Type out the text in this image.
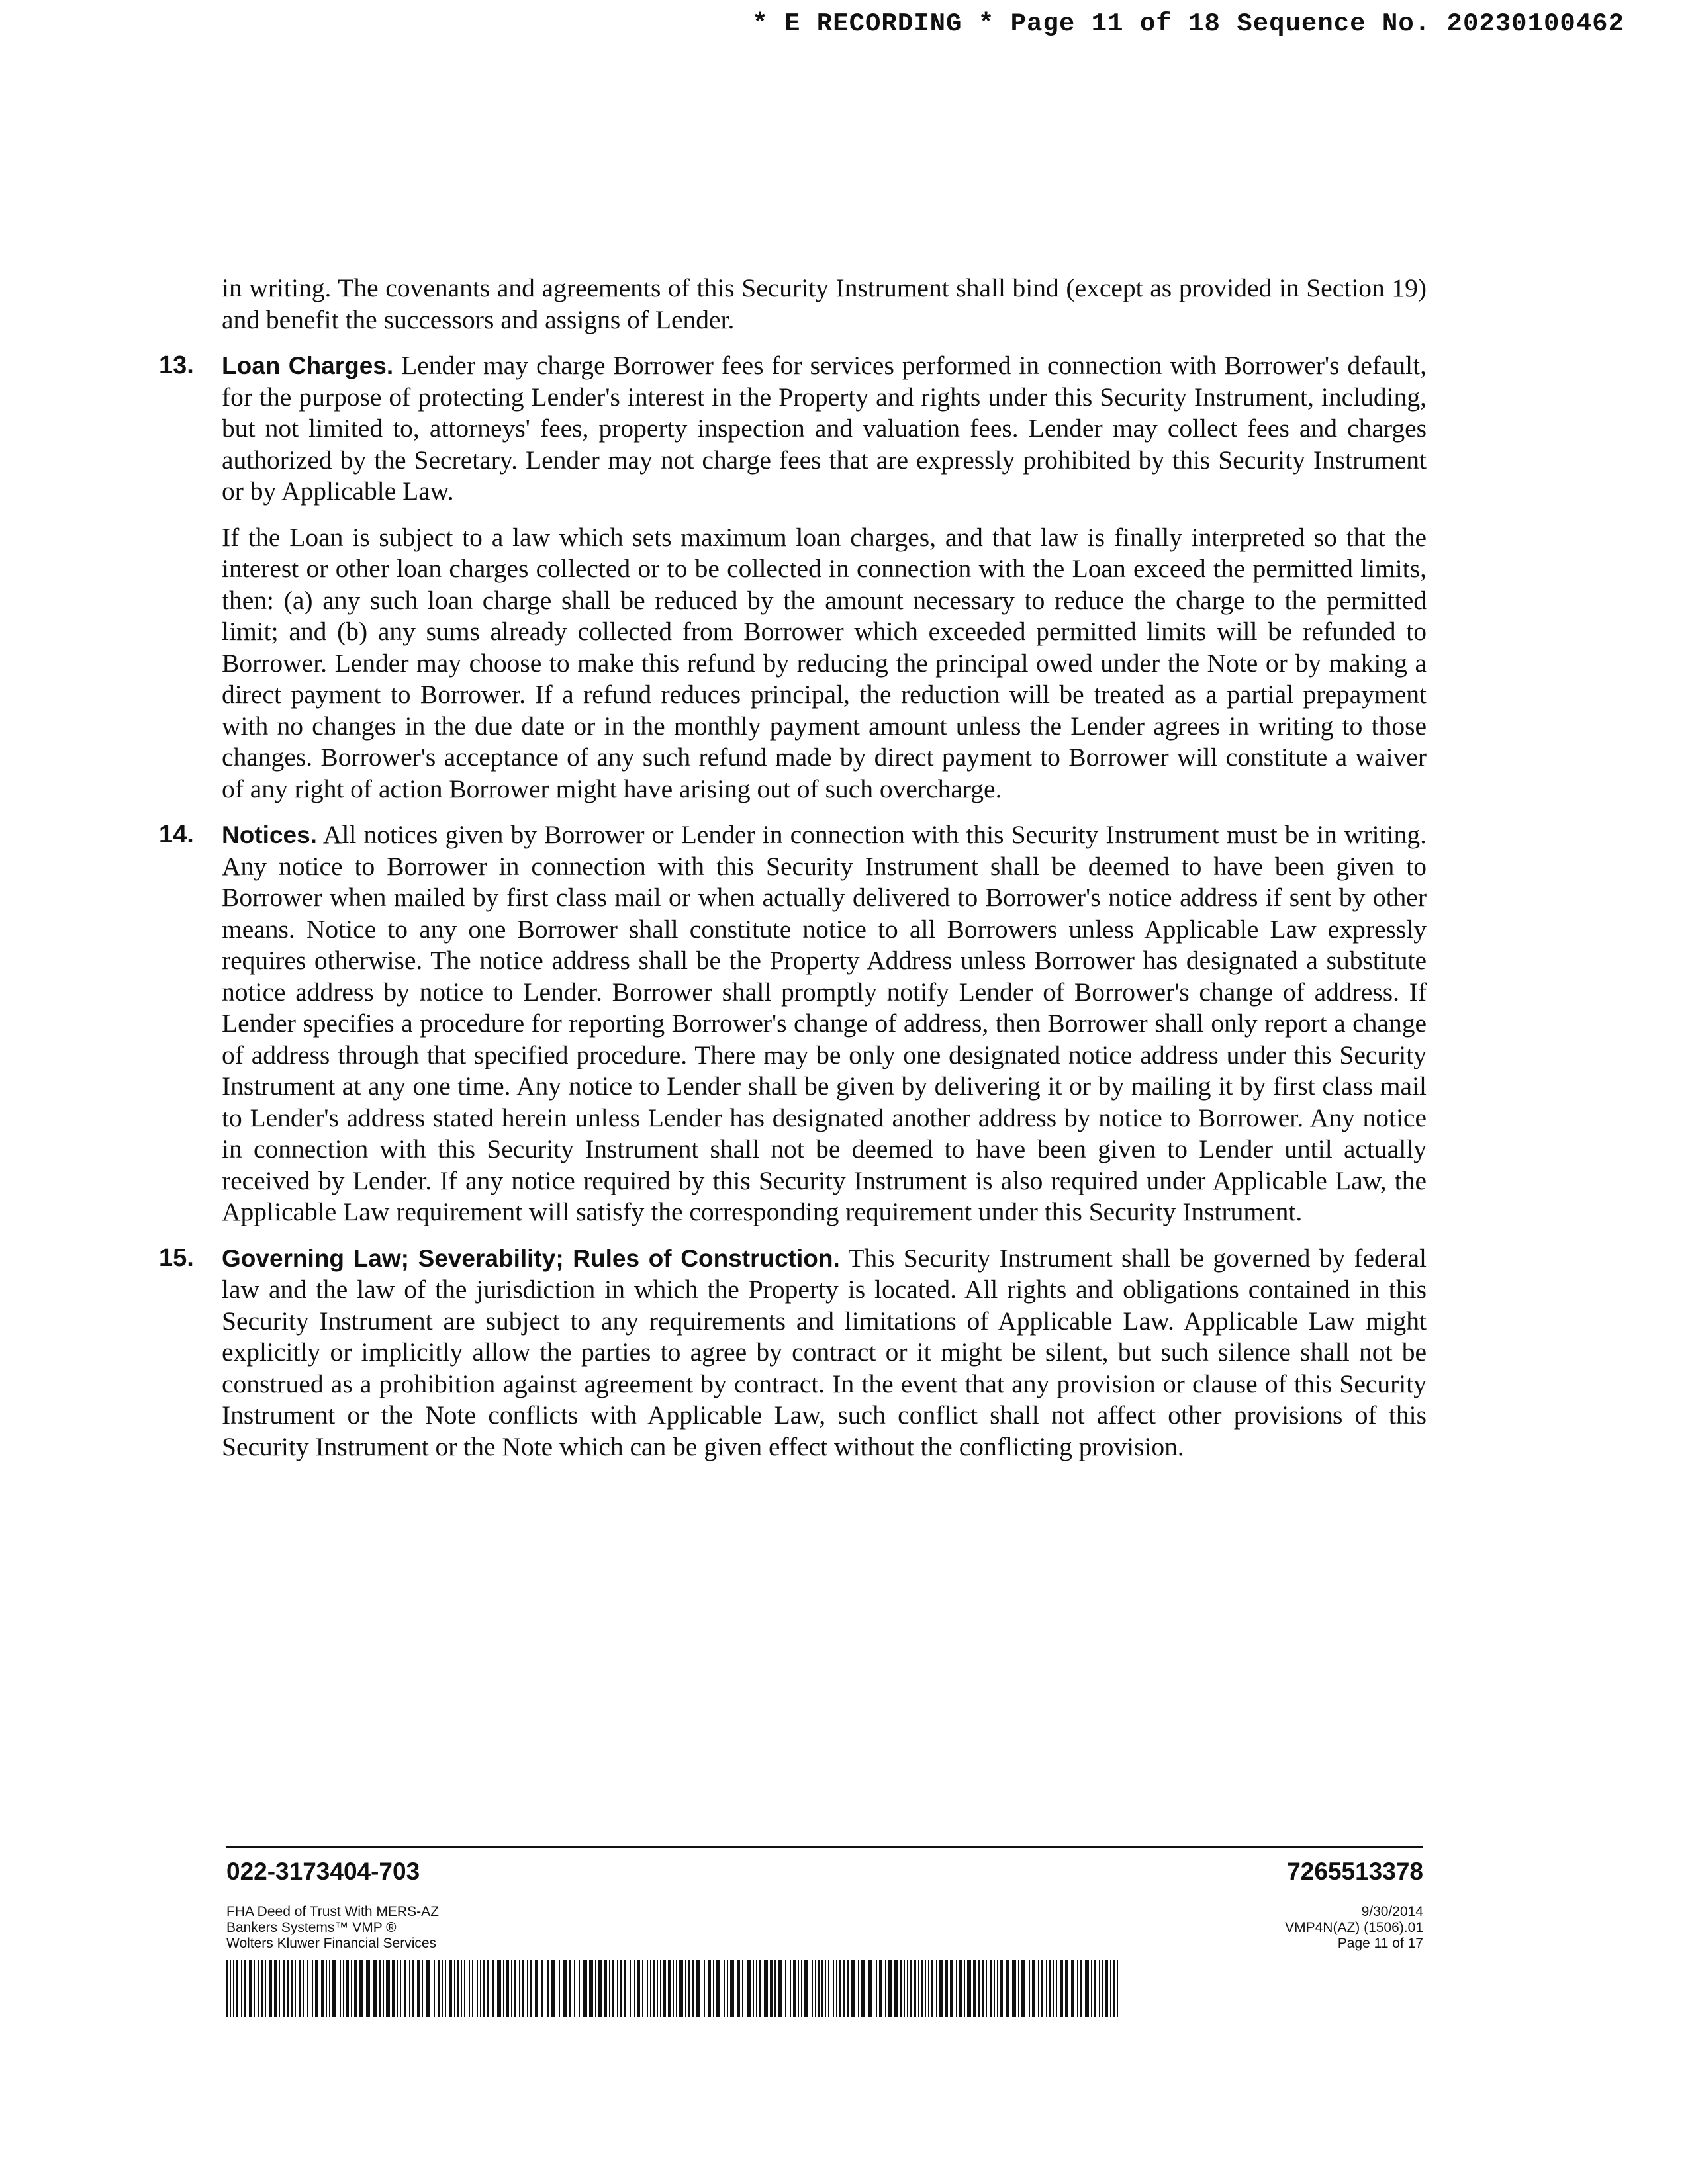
* E RECORDING * Page 11 of 18 Sequence No. 20230100462

in writing. The covenants and agreements of this Security Instrument shall bind (except as provided in Section 19) and benefit the successors and assigns of Lender.

13. Loan Charges. Lender may charge Borrower fees for services performed in connection with Borrower's default, for the purpose of protecting Lender's interest in the Property and rights under this Security Instrument, including, but not limited to, attorneys' fees, property inspection and valuation fees. Lender may collect fees and charges authorized by the Secretary. Lender may not charge fees that are expressly prohibited by this Security Instrument or by Applicable Law.

If the Loan is subject to a law which sets maximum loan charges, and that law is finally interpreted so that the interest or other loan charges collected or to be collected in connection with the Loan exceed the permitted limits, then: (a) any such loan charge shall be reduced by the amount necessary to reduce the charge to the permitted limit; and (b) any sums already collected from Borrower which exceeded permitted limits will be refunded to Borrower. Lender may choose to make this refund by reducing the principal owed under the Note or by making a direct payment to Borrower. If a refund reduces principal, the reduction will be treated as a partial prepayment with no changes in the due date or in the monthly payment amount unless the Lender agrees in writing to those changes. Borrower's acceptance of any such refund made by direct payment to Borrower will constitute a waiver of any right of action Borrower might have arising out of such overcharge.

14. Notices. All notices given by Borrower or Lender in connection with this Security Instrument must be in writing. Any notice to Borrower in connection with this Security Instrument shall be deemed to have been given to Borrower when mailed by first class mail or when actually delivered to Borrower's notice address if sent by other means. Notice to any one Borrower shall constitute notice to all Borrowers unless Applicable Law expressly requires otherwise. The notice address shall be the Property Address unless Borrower has designated a substitute notice address by notice to Lender. Borrower shall promptly notify Lender of Borrower's change of address. If Lender specifies a procedure for reporting Borrower's change of address, then Borrower shall only report a change of address through that specified procedure. There may be only one designated notice address under this Security Instrument at any one time. Any notice to Lender shall be given by delivering it or by mailing it by first class mail to Lender's address stated herein unless Lender has designated another address by notice to Borrower. Any notice in connection with this Security Instrument shall not be deemed to have been given to Lender until actually received by Lender. If any notice required by this Security Instrument is also required under Applicable Law, the Applicable Law requirement will satisfy the corresponding requirement under this Security Instrument.

15. Governing Law; Severability; Rules of Construction. This Security Instrument shall be governed by federal law and the law of the jurisdiction in which the Property is located. All rights and obligations contained in this Security Instrument are subject to any requirements and limitations of Applicable Law. Applicable Law might explicitly or implicitly allow the parties to agree by contract or it might be silent, but such silence shall not be construed as a prohibition against agreement by contract. In the event that any provision or clause of this Security Instrument or the Note conflicts with Applicable Law, such conflict shall not affect other provisions of this Security Instrument or the Note which can be given effect without the conflicting provision.

022-3173404-703	7265513378
FHA Deed of Trust With MERS-AZ
Bankers Systems™ VMP ®
Wolters Kluwer Financial Services
9/30/2014
VMP4N(AZ) (1506).01
Page 11 of 17
